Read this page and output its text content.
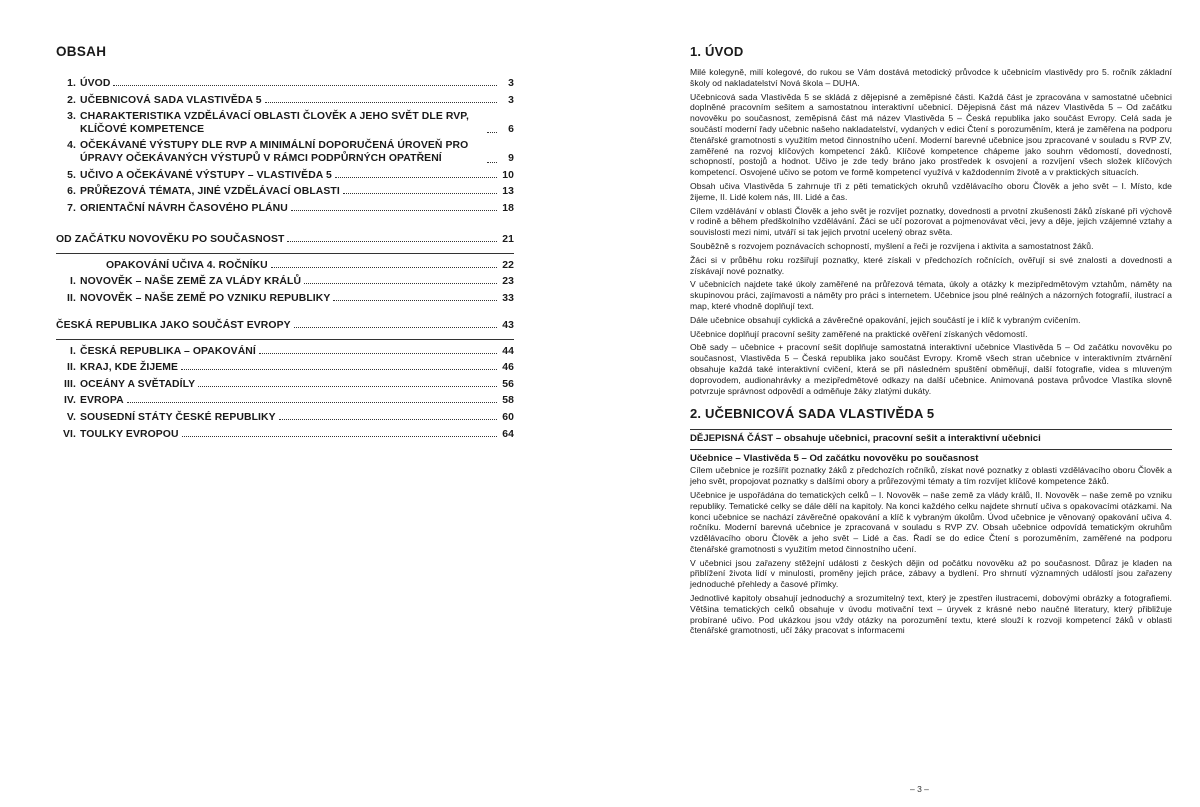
OBSAH
1. ÚVOD	3
2. UČEBNICOVÁ SADA VLASTIVĚDA 5	3
3. CHARAKTERISTIKA VZDĚLÁVACÍ OBLASTI ČLOVĚK A JEHO SVĚT DLE RVP, KLÍČOVÉ KOMPETENCE	6
4. OČEKÁVANÉ VÝSTUPY DLE RVP A MINIMÁLNÍ DOPORUČENÁ ÚROVEŇ PRO ÚPRAVY OČEKÁVANÝCH VÝSTUPŮ V RÁMCI PODPŮRNÝCH OPATŘENÍ	9
5. UČIVO A OČEKÁVANÉ VÝSTUPY – VLASTIVĚDA 5	10
6. PRŮŘEZOVÁ TÉMATA, JINÉ VZDĚLÁVACÍ OBLASTI	13
7. ORIENTAČNÍ NÁVRH ČASOVÉHO PLÁNU	18
OD ZAČÁTKU NOVOVĚKU PO SOUČASNOST	21
OPAKOVÁNÍ UČIVA 4. ROČNÍKU	22
I. NOVOVĚK – NAŠE ZEMĚ ZA VLÁDY KRÁLŮ	23
II. NOVOVĚK – NAŠE ZEMĚ PO VZNIKU REPUBLIKY	33
ČESKÁ REPUBLIKA JAKO SOUČÁST EVROPY	43
I. ČESKÁ REPUBLIKA – OPAKOVÁNÍ	44
II. KRAJ, KDE ŽIJEME	46
III. OCEÁNY A SVĚTADÍLY	56
IV. EVROPA	58
V. SOUSEDNÍ STÁTY ČESKÉ REPUBLIKY	60
VI. TOULKY EVROPOU	64
1. ÚVOD

Milé kolegyně, milí kolegové, do rukou se Vám dostává metodický průvodce k učebnicím vlastivědy pro 5. ročník základní školy od nakladatelství Nová škola – DUHA.

Učebnicová sada Vlastivěda 5 se skládá z dějepisné a zeměpisné části. Každá část je zpracována v samostatné učebnici doplněné pracovním sešitem a samostatnou interaktivní učebnicí. Dějepisná část má název Vlastivěda 5 – Od začátku novověku po současnost, zeměpisná část má název Vlastivěda 5 – Česká republika jako součást Evropy. Celá sada je součástí moderní řady učebnic našeho nakladatelství, vydaných v edici Čtení s porozuměním, která je zaměřena na podporu čtenářské gramotnosti s využitím metod činnostního učení. Moderní barevné učebnice jsou zpracované v souladu s RVP ZV, zaměřené na rozvoj klíčových kompetencí žáků. Klíčové kompetence chápeme jako souhrn vědomostí, dovedností, schopností, postojů a hodnot. Učivo je zde tedy bráno jako prostředek k osvojení a rozvíjení všech složek klíčových kompetencí. Osvojené učivo se potom ve formě kompetencí využívá v každodenním životě a v praktických situacích.

Obsah učiva Vlastivěda 5 zahrnuje tři z pěti tematických okruhů vzdělávacího oboru Člověk a jeho svět – I. Místo, kde žijeme, II. Lidé kolem nás, III. Lidé a čas.

Cílem vzdělávání v oblasti Člověk a jeho svět je rozvíjet poznatky, dovednosti a prvotní zkušenosti žáků získané při výchově v rodině a během předškolního vzdělávání. Žáci se učí pozorovat a pojmenovávat věci, jevy a děje, jejich vzájemné vztahy a souvislosti mezi nimi, utváří si tak jejich prvotní ucelený obraz světa.

Souběžně s rozvojem poznávacích schopností, myšlení a řeči je rozvíjena i aktivita a samostatnost žáků.

Žáci si v průběhu roku rozšiřují poznatky, které získali v předchozích ročnících, ověřují si své znalosti a dovednosti a získávají nové poznatky.

V učebnicích najdete také úkoly zaměřené na průřezová témata, úkoly a otázky k mezipředmětovým vztahům, náměty na skupinovou práci, zajímavosti a náměty pro práci s internetem. Učebnice jsou plné reálných a názorných fotografií, ilustrací a map, které vhodně doplňují text.

Dále učebnice obsahují cyklická a závěrečné opakování, jejich součástí je i klíč k vybraným cvičením.

Učebnice doplňují pracovní sešity zaměřené na praktické ověření získaných vědomostí.

Obě sady – učebnice + pracovní sešit doplňuje samostatná interaktivní učebnice Vlastivěda 5 – Od začátku novověku po současnost, Vlastivěda 5 – Česká republika jako součást Evropy. Kromě všech stran učebnice v interaktivním ztvárnění obsahuje každá také interaktivní cvičení, která se při následném spuštění obměňují, další fotografie, videa s mluveným doprovodem, audionahrávky a mezipředmětové odkazy na další učebnice. Animovaná postava průvodce Vlastíka slovně potvrzuje správnost odpovědí a odměňuje žáky zlatými dukáty.

2. UČEBNICOVÁ SADA VLASTIVĚDA 5
DĚJEPISNÁ ČÁST – obsahuje učebnici, pracovní sešit a interaktivní učebnici
Učebnice – Vlastivěda 5 – Od začátku novověku po současnost

Cílem učebnice je rozšířit poznatky žáků z předchozích ročníků, získat nové poznatky z oblasti vzdělávacího oboru Člověk a jeho svět, propojovat poznatky s dalšími obory a průřezovými tématy a tím rozvíjet klíčové kompetence žáků.

Učebnice je uspořádána do tematických celků – I. Novověk – naše země za vlády králů, II. Novověk – naše země po vzniku republiky. Tematické celky se dále dělí na kapitoly. Na konci každého celku najdete shrnutí učiva s opakovacími otázkami. Na konci učebnice se nachází závěrečné opakování a klíč k vybraným úkolům. Úvod učebnice je věnovaný opakování učiva 4. ročníku. Moderní barevná učebnice je zpracovaná v souladu s RVP ZV. Obsah učebnice odpovídá tematickým okruhům vzdělávacího oboru Člověk a jeho svět – Lidé a čas. Řadí se do edice Čtení s porozuměním, zaměřené na podporu čtenářské gramotnosti s využitím metod činnostního učení.

V učebnici jsou zařazeny stěžejní události z českých dějin od počátku novověku až po současnost. Důraz je kladen na přiblížení života lidí v minulosti, proměny jejich práce, zábavy a bydlení. Pro shrnutí významných událostí jsou zařazeny jednoduché přehledy a časové přímky.

Jednotlivé kapitoly obsahují jednoduchý a srozumitelný text, který je zpestřen ilustracemi, dobovými obrázky a fotografiemi. Většina tematických celků obsahuje v úvodu motivační text – úryvek z krásné nebo naučné literatury, který přibližuje probírané učivo. Pod ukázkou jsou vždy otázky na porozumění textu, které slouží k rozvoji kompetencí žáků v oblasti čtenářské gramotnosti, učí žáky pracovat s informacemi

– 3 –
